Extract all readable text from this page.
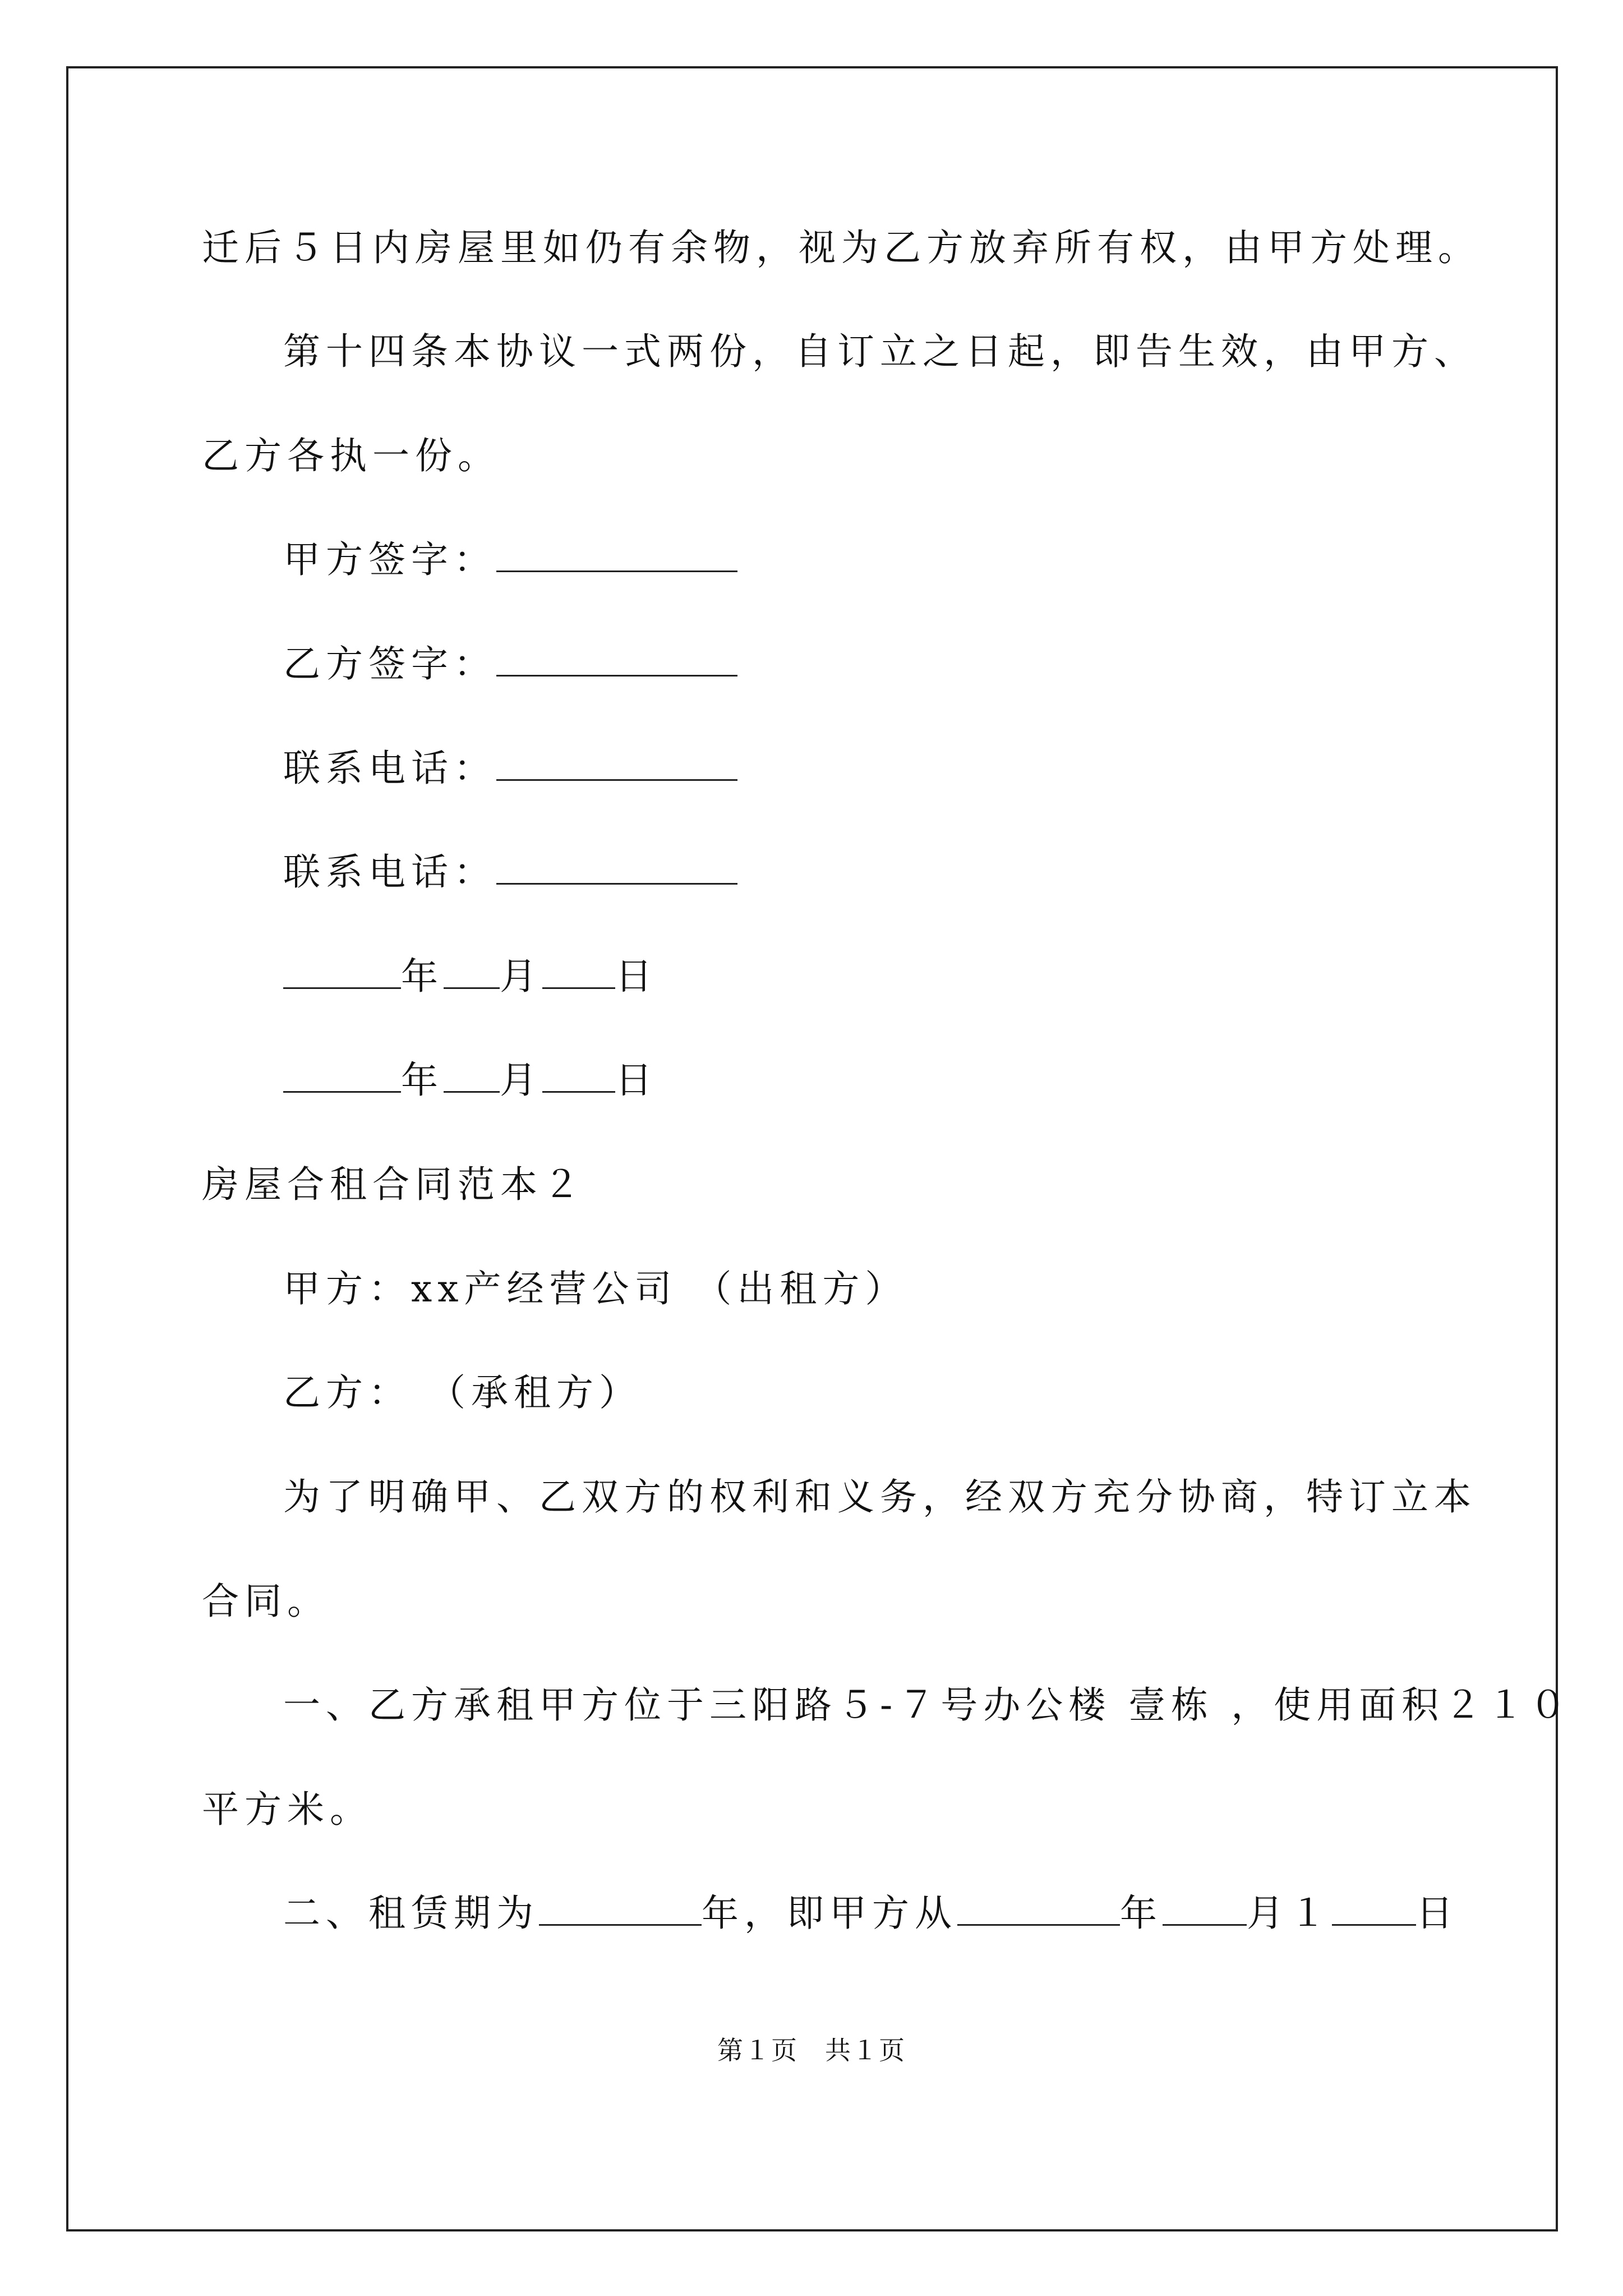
迁后５日内房屋里如仍有余物，视为乙方放弃所有权，由甲方处理。
第十四条本协议一式两份，自订立之日起，即告生效，由甲方、
乙方各执一份。
甲方签字：
乙方签字：
联系电话：
联系电话：
年 月 日
年 月 日
房屋合租合同范本２
甲方：xx产经营公司 （出租方）
乙方： （承租方）
为了明确甲、乙双方的权利和义务，经双方充分协商，特订立本
合同。
一、乙方承租甲方位于三阳路５-７号办公楼 壹栋 ，使用面积２１０
平方米。
二、租赁期为	年，即甲方从	年 月１ 日
第１页　共１页
